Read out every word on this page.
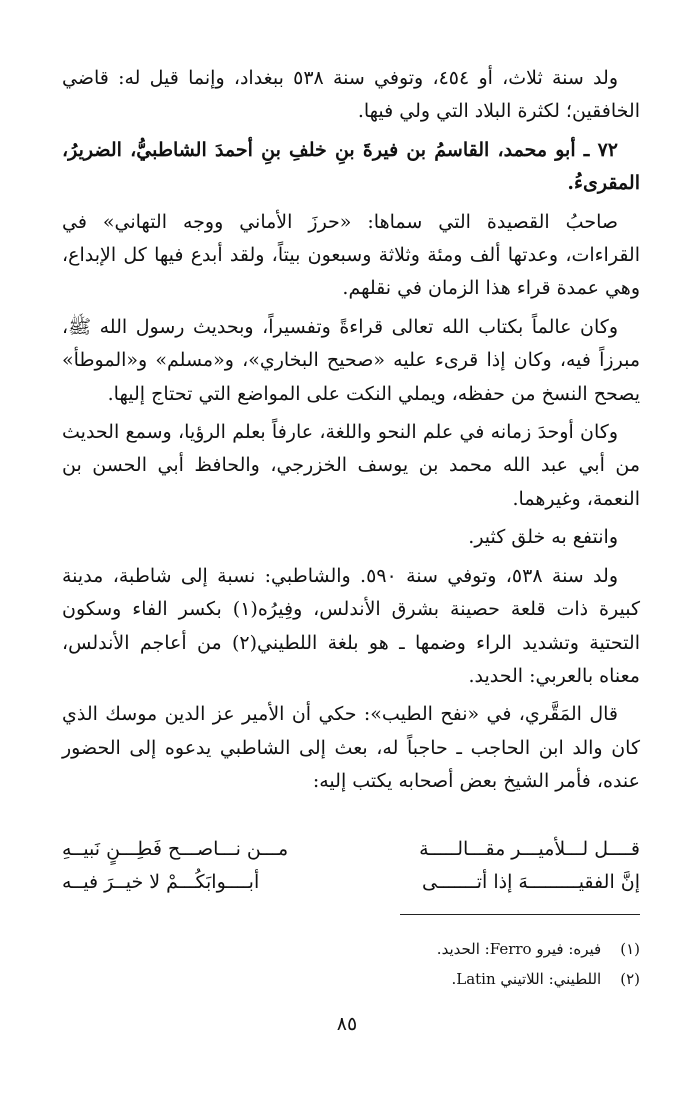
ولد سنة ثلاث، أو ٤٥٤، وتوفي سنة ٥٣٨ ببغداد، وإنما قيل له: قاضي الخافقين؛ لكثرة البلاد التي ولي فيها.

٧٢ ـ أبو محمد، القاسمُ بن فيرةَ بنِ خلفِ بنِ أحمدَ الشاطبيُّ، الضريرُ، المقرىءُ.

صاحبُ القصيدة التي سماها: «حرزَ الأماني ووجه التهاني» في القراءات، وعدتها ألف ومئة وثلاثة وسبعون بيتاً، ولقد أبدع فيها كل الإبداع، وهي عمدة قراء هذا الزمان في نقلهم.

وكان عالماً بكتاب الله تعالى قراءةً وتفسيراً، وبحديث رسول الله ﷺ، مبرزاً فيه، وكان إذا قرىء عليه «صحيح البخاري»، و«مسلم» و«الموطأ» يصحح النسخ من حفظه، ويملي النكت على المواضع التي تحتاج إليها.

وكان أوحدَ زمانه في علم النحو واللغة، عارفاً بعلم الرؤيا، وسمع الحديث من أبي عبد الله محمد بن يوسف الخزرجي، والحافظ أبي الحسن بن النعمة، وغيرهما.

وانتفع به خلق كثير.

ولد سنة ٥٣٨، وتوفي سنة ٥٩٠. والشاطبي: نسبة إلى شاطبة، مدينة كبيرة ذات قلعة حصينة بشرق الأندلس، وفِيرُه(١) بكسر الفاء وسكون التحتية وتشديد الراء وضمها ـ هو بلغة اللطيني(٢) من أعاجم الأندلس، معناه بالعربي: الحديد.

قال المَقَّري، في «نفح الطيب»: حكي أن الأمير عز الدين موسك الذي كان والد ابن الحاجب ـ حاجباً له، بعث إلى الشاطبي يدعوه إلى الحضور عنده، فأمر الشيخ بعض أصحابه يكتب إليه:

قــــل لـــلأميـــر مقـــالـــــة
مـــن نـــاصـــح فَطِـــنٍ نَبيــهِ
إنَّ الفقيـــــــــهَ إذا أتـــــــى
أبــــوابَكُـــمْ لا خيــرَ فيــه

(١) فيره: فيرو Ferro: الحديد.

(٢) اللطيني: اللاتيني Latin.

٨٥
